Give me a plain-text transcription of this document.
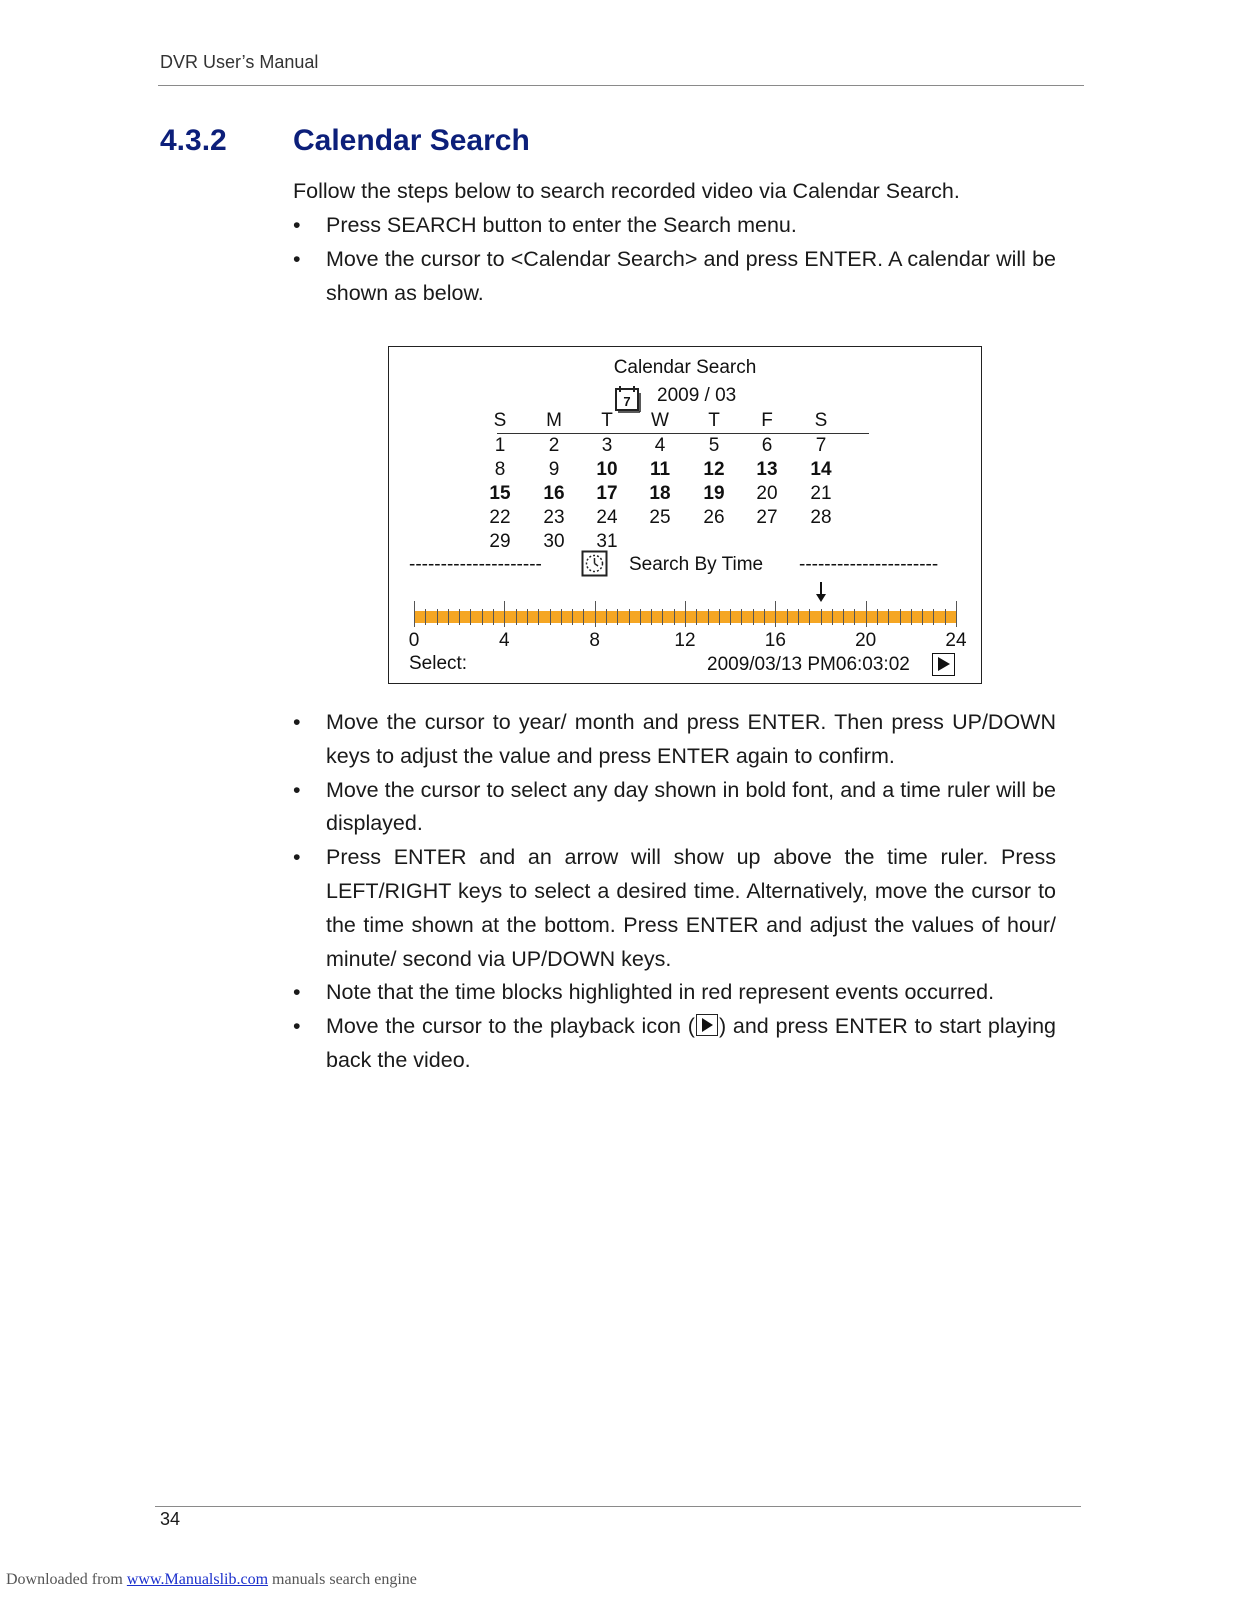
DVR User’s Manual
4.3.2 Calendar Search
Follow the steps below to search recorded video via Calendar Search.
• Press SEARCH button to enter the Search menu.
• Move the cursor to <Calendar Search> and press ENTER. A calendar will be shown as below.
Calendar Search
7 2009 / 03
S	M	T	W	T	F	S
1	2	3	4	5	6	7
8	9	10	11	12	13	14
15	16	17	18	19	20	21
22	23	24	25	26	27	28
29	30	31
---------------------	Search By Time ----------------------
0	4	8	12	16	20	24
Select:	2009/03/13 PM06:03:02
• Move the cursor to year/ month and press ENTER. Then press UP/DOWN keys to adjust the value and press ENTER again to confirm.
• Move the cursor to select any day shown in bold font, and a time ruler will be displayed.
• Press ENTER and an arrow will show up above the time ruler. Press LEFT/RIGHT keys to select a desired time. Alternatively, move the cursor to the time shown at the bottom. Press ENTER and adjust the values of hour/ minute/ second via UP/DOWN keys.
• Note that the time blocks highlighted in red represent events occurred.
• Move the cursor to the playback icon ( ) and press ENTER to start playing back the video.
34
Downloaded from www.Manualslib.com manuals search engine
